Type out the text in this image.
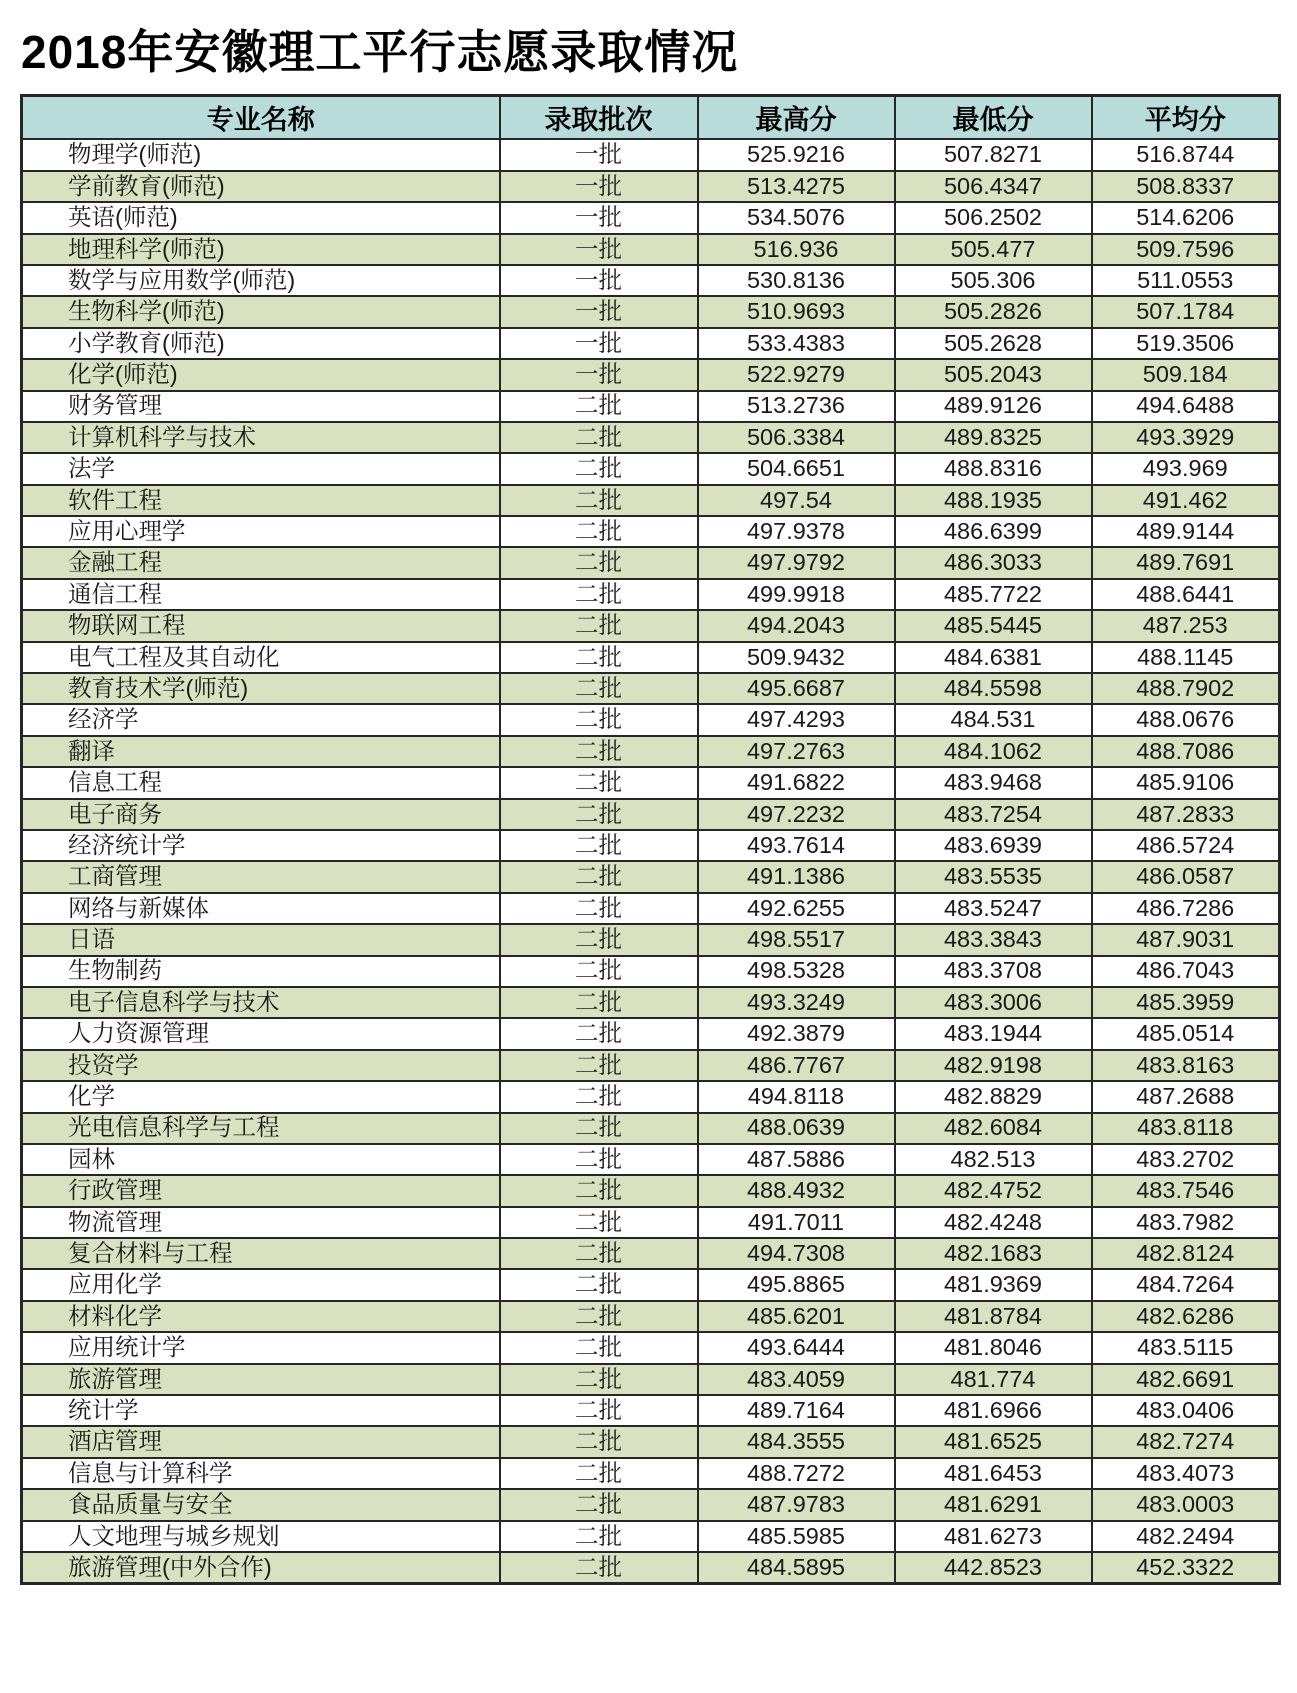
2018年安徽理工平行志愿录取情况
专业名称	录取批次	最高分	最低分	平均分
物理学(师范)	一批	525.9216	507.8271	516.8744
学前教育(师范)	一批	513.4275	506.4347	508.8337
英语(师范)	一批	534.5076	506.2502	514.6206
地理科学(师范)	一批	516.936	505.477	509.7596
数学与应用数学(师范)	一批	530.8136	505.306	511.0553
生物科学(师范)	一批	510.9693	505.2826	507.1784
小学教育(师范)	一批	533.4383	505.2628	519.3506
化学(师范)	一批	522.9279	505.2043	509.184
财务管理	二批	513.2736	489.9126	494.6488
计算机科学与技术	二批	506.3384	489.8325	493.3929
法学	二批	504.6651	488.8316	493.969
软件工程	二批	497.54	488.1935	491.462
应用心理学	二批	497.9378	486.6399	489.9144
金融工程	二批	497.9792	486.3033	489.7691
通信工程	二批	499.9918	485.7722	488.6441
物联网工程	二批	494.2043	485.5445	487.253
电气工程及其自动化	二批	509.9432	484.6381	488.1145
教育技术学(师范)	二批	495.6687	484.5598	488.7902
经济学	二批	497.4293	484.531	488.0676
翻译	二批	497.2763	484.1062	488.7086
信息工程	二批	491.6822	483.9468	485.9106
电子商务	二批	497.2232	483.7254	487.2833
经济统计学	二批	493.7614	483.6939	486.5724
工商管理	二批	491.1386	483.5535	486.0587
网络与新媒体	二批	492.6255	483.5247	486.7286
日语	二批	498.5517	483.3843	487.9031
生物制药	二批	498.5328	483.3708	486.7043
电子信息科学与技术	二批	493.3249	483.3006	485.3959
人力资源管理	二批	492.3879	483.1944	485.0514
投资学	二批	486.7767	482.9198	483.8163
化学	二批	494.8118	482.8829	487.2688
光电信息科学与工程	二批	488.0639	482.6084	483.8118
园林	二批	487.5886	482.513	483.2702
行政管理	二批	488.4932	482.4752	483.7546
物流管理	二批	491.7011	482.4248	483.7982
复合材料与工程	二批	494.7308	482.1683	482.8124
应用化学	二批	495.8865	481.9369	484.7264
材料化学	二批	485.6201	481.8784	482.6286
应用统计学	二批	493.6444	481.8046	483.5115
旅游管理	二批	483.4059	481.774	482.6691
统计学	二批	489.7164	481.6966	483.0406
酒店管理	二批	484.3555	481.6525	482.7274
信息与计算科学	二批	488.7272	481.6453	483.4073
食品质量与安全	二批	487.9783	481.6291	483.0003
人文地理与城乡规划	二批	485.5985	481.6273	482.2494
旅游管理(中外合作)	二批	484.5895	442.8523	452.3322
